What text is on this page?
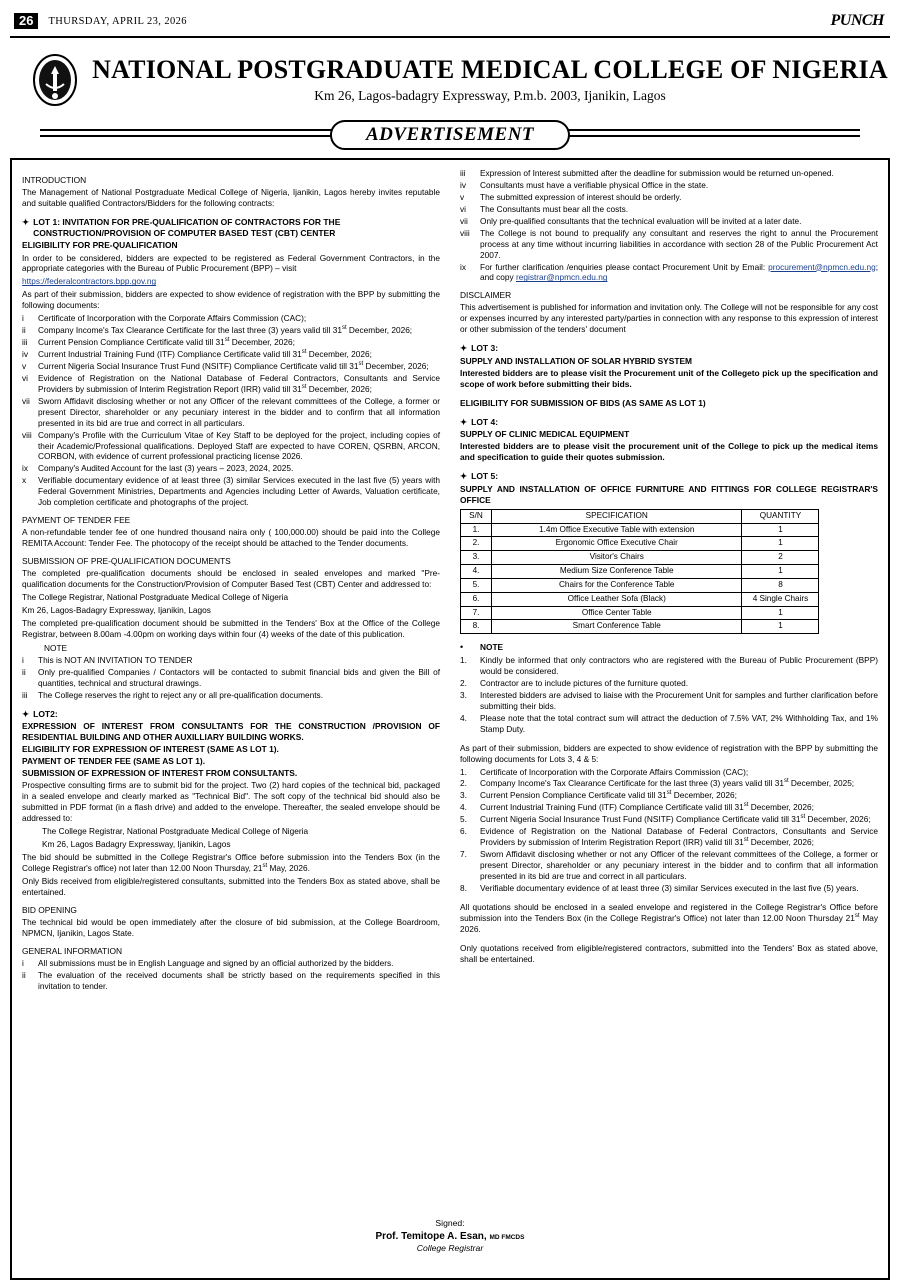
26	THURSDAY, APRIL 23, 2026	PUNCH
NATIONAL POSTGRADUATE MEDICAL COLLEGE OF NIGERIA
Km 26, Lagos-badagry Expressway, P.m.b. 2003, Ijanikin, Lagos
ADVERTISEMENT
INTRODUCTION

The Management of National Postgraduate Medical College of Nigeria, Ijanikin, Lagos hereby invites reputable and suitable qualified Contractors/Bidders for the following contracts:

✦ LOT 1: INVITATION FOR PRE-QUALIFICATION OF CONTRACTORS FOR THE CONSTRUCTION/PROVISION OF COMPUTER BASED TEST (CBT) CENTER
ELIGIBILITY FOR PRE-QUALIFICATION

In order to be considered, bidders are expected to be registered as Federal Government Contractors, in the appropriate categories with the Bureau of Public Procurement (BPP) – visit

https://federalcontractors.bpp.gov.ng

As part of their submission, bidders are expected to show evidence of registration with the BPP by submitting the following documents:

i	Certificate of Incorporation with the Corporate Affairs Commission (CAC);
ii	Company Income's Tax Clearance Certificate for the last three (3) years valid till 31st December, 2026;
iii	Current Pension Compliance Certificate valid till 31st December, 2026;
iv	Current Industrial Training Fund (ITF) Compliance Certificate valid till 31st December, 2026;
v	Current Nigeria Social Insurance Trust Fund (NSITF) Compliance Certificate valid till 31st December, 2026;
vi	Evidence of Registration on the National Database of Federal Contractors, Consultants and Service Providers by submission of Interim Registration Report (IRR) valid till 31st December, 2026;
vii Sworn Affidavit disclosing whether or not any Officer of the relevant committees of the College, a former or present Director, shareholder or any pecuniary interest in the bidder and to confirm that all information presented in its bid are true and correct in all particulars.
viii Company's Profile with the Curriculum Vitae of Key Staff to be deployed for the project, including copies of their Academic/Professional qualifications. Deployed Staff are expected to have COREN, QSRBN, ARCON, CORBON, with evidence of current professional practicing license 2026.
ix	Company's Audited Account for the last (3) years – 2023, 2024, 2025.
x	Verifiable documentary evidence of at least three (3) similar Services executed in the last five (5) years with Federal Government Ministries, Departments and Agencies including Letter of Awards, Valuation certificate, Job completion certificate and photographs of the project.
PAYMENT OF TENDER FEE

A non-refundable tender fee of one hundred thousand naira only ( 100,000.00) should be paid into the College REMITA Account: Tender Fee. The photocopy of the receipt should be attached to the Tender documents.

SUBMISSION OF PRE-QUALIFICATION DOCUMENTS

The completed pre-qualification documents should be enclosed in sealed envelopes and marked "Pre-qualification documents for the Construction/Provision of Computer Based Test (CBT) Center and addressed to:

The College Registrar, National Postgraduate Medical College of Nigeria

Km 26, Lagos-Badagry Expressway, Ijanikin, Lagos

The completed pre-qualification document should be submitted in the Tenders' Box at the Office of the College Registrar, between 8.00am -4.00pm on working days within four (4) weeks of the date of this publication.

NOTE
i	This is NOT AN INVITATION TO TENDER
ii	Only pre-qualified Companies / Contactors will be contacted to submit financial bids and given the Bill of quantities, technical and structural drawings.
iii	The College reserves the right to reject any or all pre-qualification documents.
✦ LOT2:
EXPRESSION OF INTEREST FROM CONSULTANTS FOR THE CONSTRUCTION /PROVISION OF RESIDENTIAL BUILDING AND OTHER AUXILLIARY BUILDING WORKS.
ELIGIBILITY FOR EXPRESSION OF INTEREST (SAME AS LOT 1).
PAYMENT OF TENDER FEE (SAME AS LOT 1).
SUBMISSION OF EXPRESSION OF INTEREST FROM CONSULTANTS.

Prospective consulting firms are to submit bid for the project. Two (2) hard copies of the technical bid, packaged in a sealed envelope and clearly marked as "Technical Bid". The soft copy of the technical bid should also be submitted in PDF format (in a flash drive) and added to the envelope. Thereafter, the sealed envelope should be addressed to:

The College Registrar, National Postgraduate Medical College of Nigeria

Km 26, Lagos Badagry Expressway, Ijanikin, Lagos

The bid should be submitted in the College Registrar's Office before submission into the Tenders Box (in the College Registrar's office) not later than 12.00 Noon Thursday, 21st May, 2026.

Only Bids received from eligible/registered consultants, submitted into the Tenders Box as stated above, shall be entertained.

BID OPENING

The technical bid would be open immediately after the closure of bid submission, at the College Boardroom, NPMCN, Ijanikin, Lagos State.

GENERAL INFORMATION
i	All submissions must be in English Language and signed by an official authorized by the bidders.
ii	The evaluation of the received documents shall be strictly based on the requirements specified in this invitation to tender.
iii	Expression of Interest submitted after the deadline for submission would be returned un-opened.
iv	Consultants must have a verifiable physical Office in the state.
v	The submitted expression of interest should be orderly.
vi	The Consultants must bear all the costs.
vii	Only pre-qualified consultants that the technical evaluation will be invited at a later date.
viii	The College is not bound to prequalify any consultant and reserves the right to annul the Procurement process at any time without incurring liabilities in accordance with section 28 of the Public Procurement Act 2007.
ix	For further clarification /enquiries please contact Procurement Unit by Email: procurement@npmcn.edu.ng; and copy registrar@npmcn.edu.ng
DISCLAIMER

This advertisement is published for information and invitation only. The College will not be responsible for any cost or expenses incurred by any interested party/parties in connection with any response to this expression of interest or other submission of the tenders' document

✦ LOT 3:
SUPPLY AND INSTALLATION OF SOLAR HYBRID SYSTEM
Interested bidders are to please visit the Procurement unit of the Collegeto pick up the specification and scope of work before submitting their bids.
ELIGIBILITY FOR SUBMISSION OF BIDS (AS SAME AS LOT 1)
✦ LOT 4:
SUPPLY OF CLINIC MEDICAL EQUIPMENT
Interested bidders are to please visit the procurement unit of the College to pick up the medical items and specification to guide their quotes submission.
✦ LOT 5:
SUPPLY AND INSTALLATION OF OFFICE FURNITURE AND FITTINGS FOR COLLEGE REGISTRAR'S OFFICE
S/N	SPECIFICATION	QUANTITY
1.	1.4m Office Executive Table with extension	1
2.	Ergonomic Office Executive Chair	1
3.	Visitor's Chairs	2
4.	Medium Size Conference Table	1
5.	Chairs for the Conference Table	8
6.	Office Leather Sofa (Black)	4 Single Chairs
7.	Office Center Table	1
8.	Smart Conference Table	1
•	NOTE
1.	Kindly be informed that only contractors who are registered with the Bureau of Public Procurement (BPP) would be considered.
2.	Contractor are to include pictures of the furniture quoted.
3.	Interested bidders are advised to liaise with the Procurement Unit for samples and further clarification before submitting their bids.
4.	Please note that the total contract sum will attract the deduction of 7.5% VAT, 2% Withholding Tax, and 1% Stamp Duty.

As part of their submission, bidders are expected to show evidence of registration with the BPP by submitting the following documents for Lots 3, 4 & 5:

1.	Certificate of Incorporation with the Corporate Affairs Commission (CAC);
2.	Company Income's Tax Clearance Certificate for the last three (3) years valid till 31st December, 2025;
3.	Current Pension Compliance Certificate valid till 31st December, 2026;
4.	Current Industrial Training Fund (ITF) Compliance Certificate valid till 31st December, 2026;
5.	Current Nigeria Social Insurance Trust Fund (NSITF) Compliance Certificate valid till 31st December, 2026;
6.	Evidence of Registration on the National Database of Federal Contractors, Consultants and Service Providers by submission of Interim Registration Report (IRR) valid till 31st December, 2026;
7.	Sworn Affidavit disclosing whether or not any Officer of the relevant committees of the College, a former or present Director, shareholder or any pecuniary interest in the bidder and to confirm that all information presented in its bid are true and correct in all particulars.
8.	Verifiable documentary evidence of at least three (3) similar Services executed in the last five (5) years.

All quotations should be enclosed in a sealed envelope and registered in the College Registrar's Office before submission into the Tenders Box (in the College Registrar's Office) not later than 12.00 Noon Thursday 21st May 2026.

Only quotations received from eligible/registered contractors, submitted into the Tenders' Box as stated above, shall be entertained.

Signed:
Prof. Temitope A. Esan, MD FMCDS
College Registrar
